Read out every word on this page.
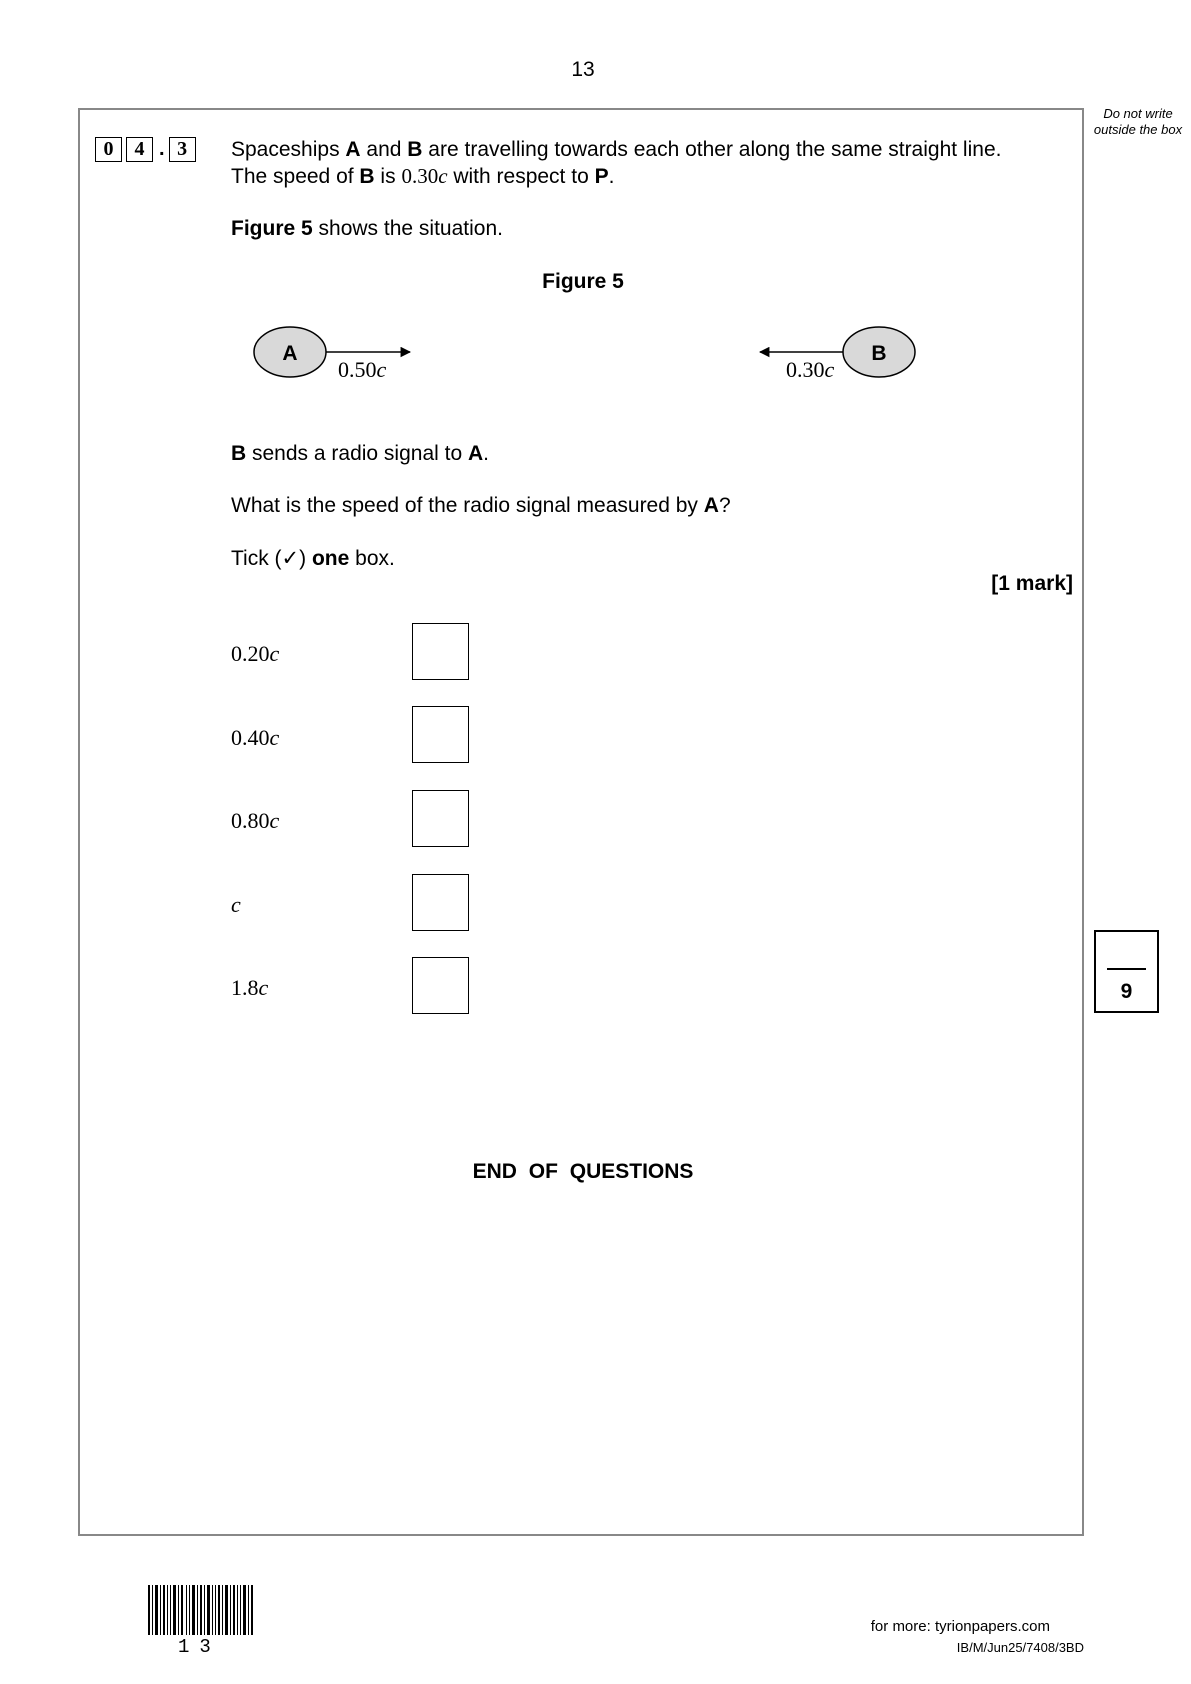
13
Do not write outside the box
0	4 . 3	Spaceships A and B are travelling towards each other along the same straight line.
The speed of B is 0.30c with respect to P.
Figure 5 shows the situation.
Figure 5
A
0.50c
B
0.30c
B sends a radio signal to A.
What is the speed of the radio signal measured by A?
Tick (✓) one box.
[1 mark]
0.20c
0.40c
0.80c
c
1.8c	9
END OF QUESTIONS
13
for more: tyrionpapers.com
IB/M/Jun25/7408/3BD
